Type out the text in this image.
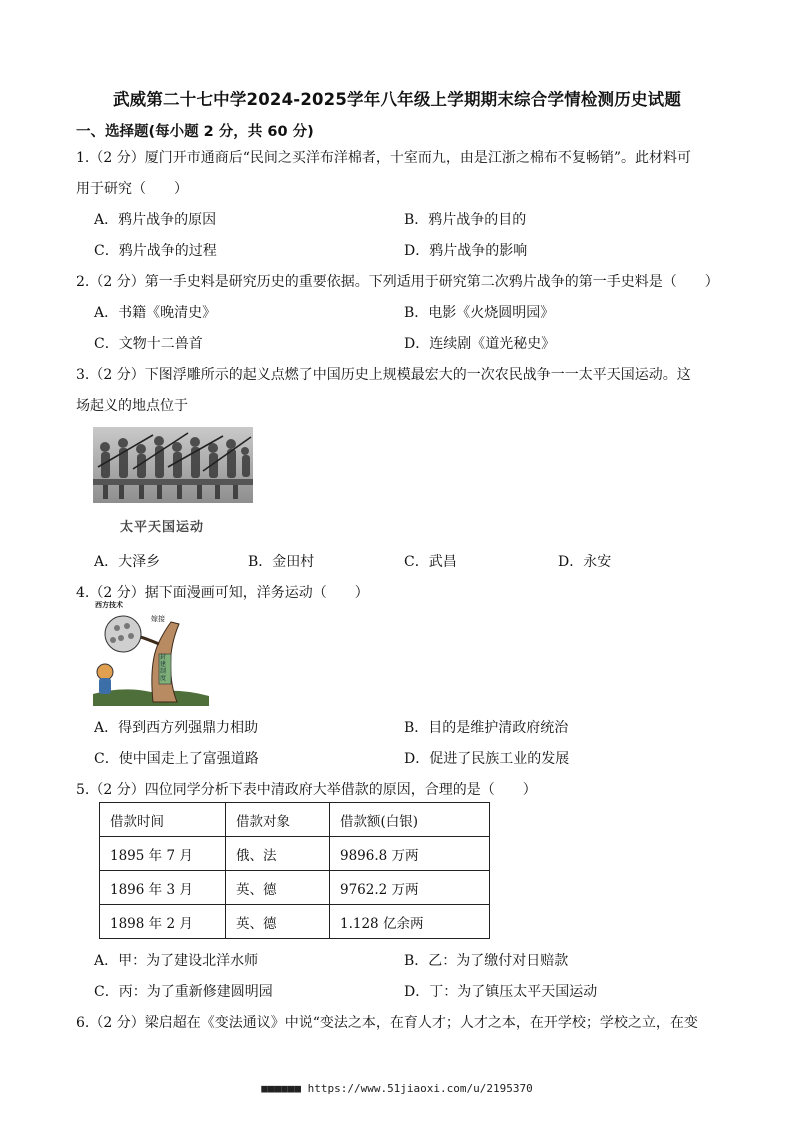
武威第二十七中学2024-2025学年八年级上学期期末综合学情检测历史试题
一、选择题(每小题 2 分，共 60 分)
1.（2 分）厦门开市通商后“民间之买洋布洋棉者，十室而九，由是江浙之棉布不复畅销”。此材料可
用于研究（　　）
A．鸦片战争的原因	B．鸦片战争的目的
C．鸦片战争的过程	D．鸦片战争的影响
2.（2 分）第一手史料是研究历史的重要依据。下列适用于研究第二次鸦片战争的第一手史料是（　　）
A．书籍《晚清史》	B．电影《火烧圆明园》
C．文物十二兽首	D．连续剧《道光秘史》
3.（2 分）下图浮雕所示的起义点燃了中国历史上规模最宏大的一次农民战争一一太平天国运动。这
场起义的地点位于
太平天国运动
A．大泽乡	B．金田村	C．武昌	D．永安
4.（2 分）据下面漫画可知，洋务运动（　　）
西方技术
嫁接
封建制度
A．得到西方列强鼎力相助	B．目的是维护清政府统治
C．使中国走上了富强道路	D．促进了民族工业的发展
5.（2 分）四位同学分析下表中清政府大举借款的原因，合理的是（　　）
借款时间	借款对象	借款额(白银)
1895 年 7 月	俄、法	9896.8 万两
1896 年 3 月	英、德	9762.2 万两
1898 年 2 月	英、德	1.128 亿余两
A．甲：为了建设北洋水师	B．乙：为了缴付对日赔款
C．丙：为了重新修建圆明园	D．丁：为了镇压太平天国运动
6.（2 分）梁启超在《变法通议》中说“变法之本，在育人才；人才之本，在开学校；学校之立，在变
■■■■■■ https://www.51jiaoxi.com/u/2195370
